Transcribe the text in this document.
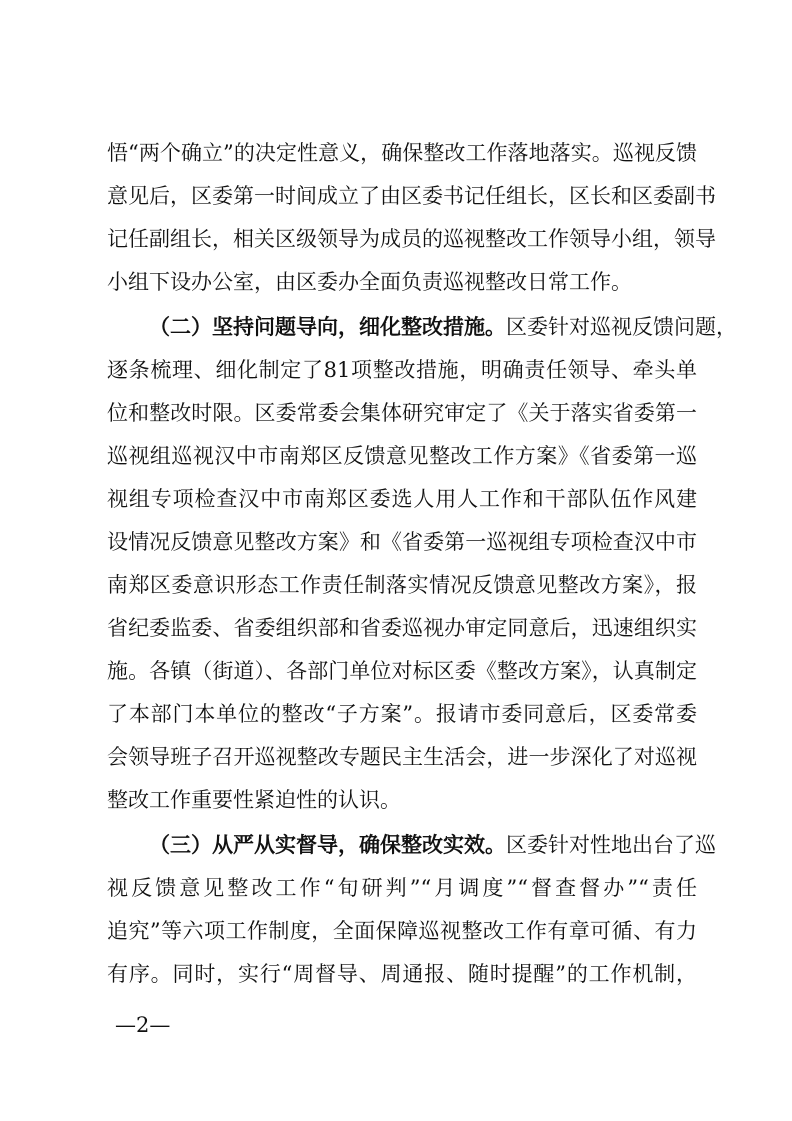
悟“两个确立”的决定性意义，确保整改工作落地落实。巡视反馈
意见后，区委第一时间成立了由区委书记任组长，区长和区委副书
记任副组长，相关区级领导为成员的巡视整改工作领导小组，领导
小组下设办公室，由区委办全面负责巡视整改日常工作。
（二）坚持问题导向，细化整改措施。区委针对巡视反馈问题，
逐条梳理、细化制定了81项整改措施，明确责任领导、牵头单
位和整改时限。区委常委会集体研究审定了《关于落实省委第一
巡视组巡视汉中市南郑区反馈意见整改工作方案》《省委第一巡
视组专项检查汉中市南郑区委选人用人工作和干部队伍作风建
设情况反馈意见整改方案》和《省委第一巡视组专项检查汉中市
南郑区委意识形态工作责任制落实情况反馈意见整改方案》，报
省纪委监委、省委组织部和省委巡视办审定同意后，迅速组织实
施。各镇（街道）、各部门单位对标区委《整改方案》，认真制定
了本部门本单位的整改“子方案”。报请市委同意后，区委常委
会领导班子召开巡视整改专题民主生活会，进一步深化了对巡视
整改工作重要性紧迫性的认识。
（三）从严从实督导，确保整改实效。区委针对性地出台了巡
视反馈意见整改工作“旬研判”“月调度”“督查督办”“责任
追究”等六项工作制度，全面保障巡视整改工作有章可循、有力
有序。同时，实行“周督导、周通报、随时提醒”的工作机制，
—2—
